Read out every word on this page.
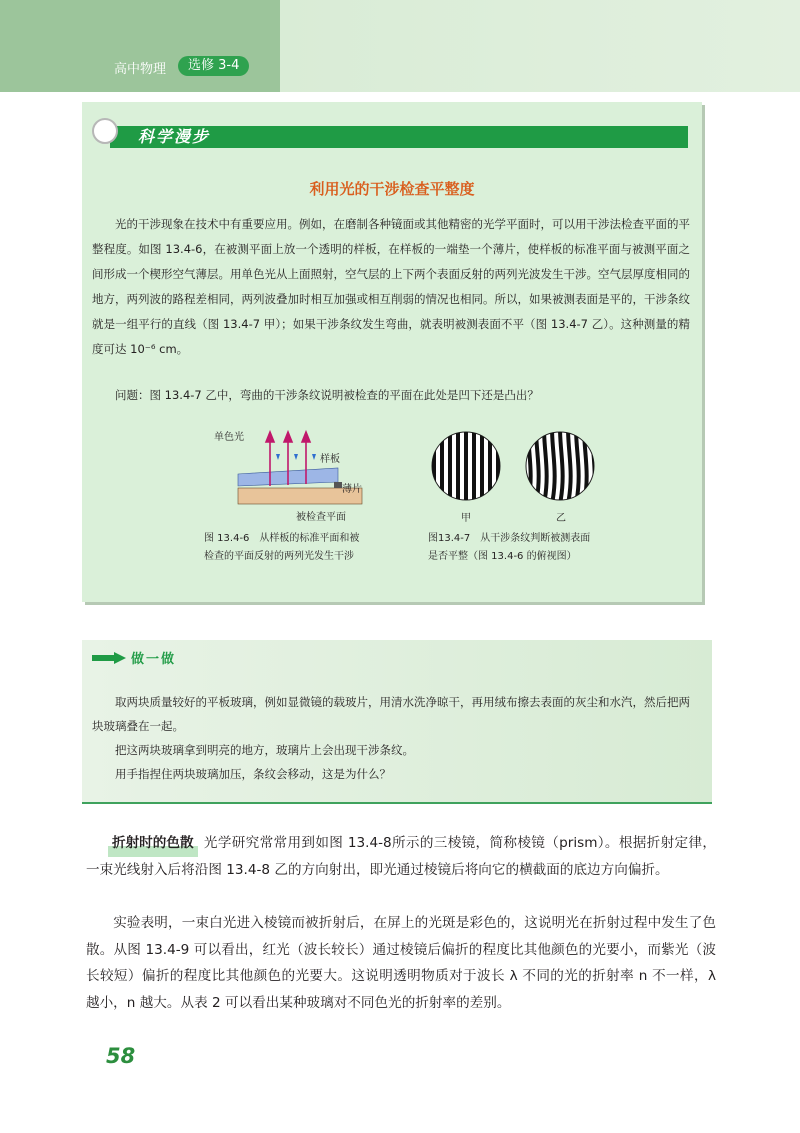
高中物理	选修 3-4
科学漫步
利用光的干涉检查平整度
光的干涉现象在技术中有重要应用。例如，在磨制各种镜面或其他精密的光学平面时，可以用干涉法检查平面的平整程度。如图 13.4-6，在被测平面上放一个透明的样板，在样板的一端垫一个薄片，使样板的标准平面与被测平面之间形成一个楔形空气薄层。用单色光从上面照射，空气层的上下两个表面反射的两列光波发生干涉。空气层厚度相同的地方，两列波的路程差相同，两列波叠加时相互加强或相互削弱的情况也相同。所以，如果被测表面是平的，干涉条纹就是一组平行的直线（图 13.4-7 甲）；如果干涉条纹发生弯曲，就表明被测表面不平（图 13.4-7 乙）。这种测量的精度可达 10⁻⁶ cm。
问题：图 13.4-7 乙中，弯曲的干涉条纹说明被检查的平面在此处是凹下还是凸出？
单色光
样板
薄片
被检查平面
图 13.4-6　从样板的标准平面和被
检查的平面反射的两列光发生干涉
甲	乙
图13.4-7　从干涉条纹判断被测表面
是否平整（图 13.4-6 的俯视图）
做一做
取两块质量较好的平板玻璃，例如显微镜的载玻片，用清水洗净晾干，再用绒布擦去表面的灰尘和水汽，然后把两块玻璃叠在一起。
把这两块玻璃拿到明亮的地方，玻璃片上会出现干涉条纹。
用手指捏住两块玻璃加压，条纹会移动，这是为什么？
折射时的色散 光学研究常常用到如图 13.4-8所示的三棱镜，简称棱镜（prism）。根据折射定律，一束光线射入后将沿图 13.4-8 乙的方向射出，即光通过棱镜后将向它的横截面的底边方向偏折。
实验表明，一束白光进入棱镜而被折射后，在屏上的光斑是彩色的，这说明光在折射过程中发生了色散。从图 13.4-9 可以看出，红光（波长较长）通过棱镜后偏折的程度比其他颜色的光要小，而紫光（波长较短）偏折的程度比其他颜色的光要大。这说明透明物质对于波长 λ 不同的光的折射率 n 不一样，λ 越小，n 越大。从表 2 可以看出某种玻璃对不同色光的折射率的差别。
58
